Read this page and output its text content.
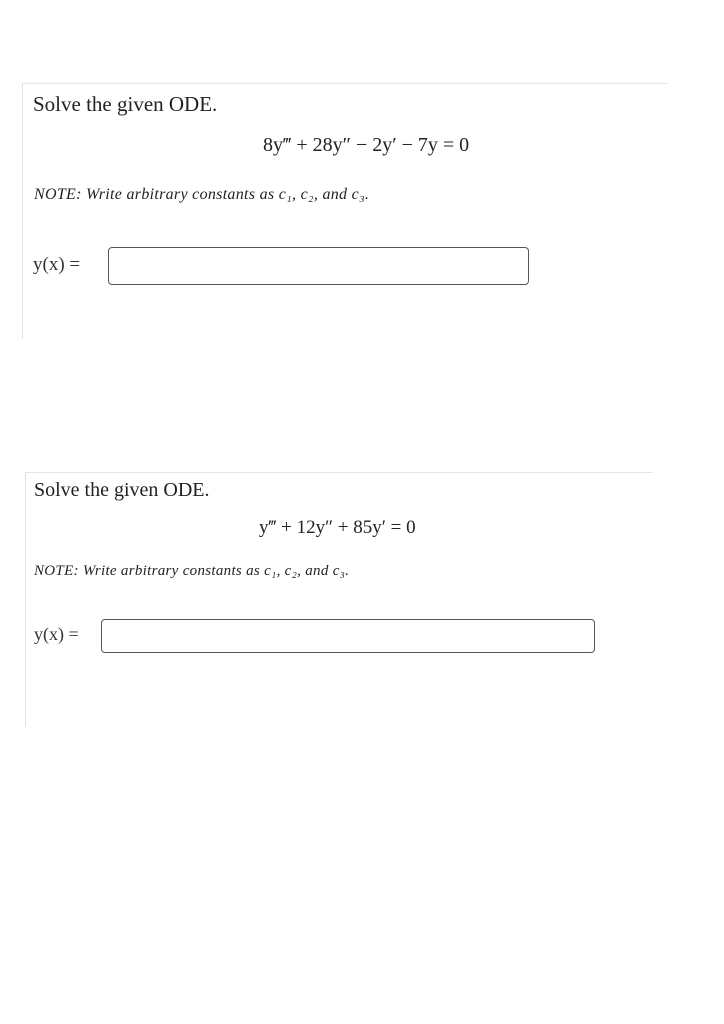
Solve the given ODE.
8y‴ + 28y″ − 2y′ − 7y = 0
NOTE: Write arbitrary constants as c₁, c₂, and c₃.
y(x) =
Solve the given ODE.
y‴ + 12y″ + 85y′ = 0
NOTE: Write arbitrary constants as c₁, c₂, and c₃.
y(x) =
